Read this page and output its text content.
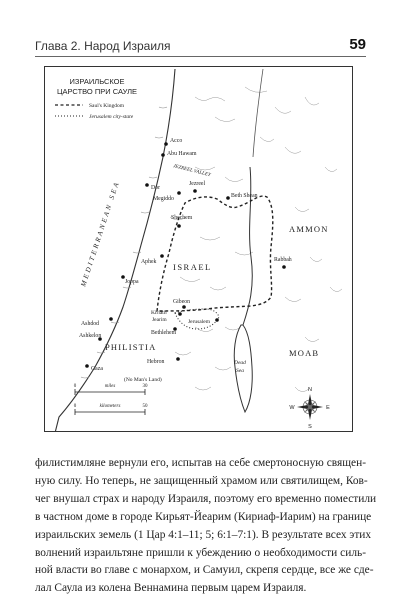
Глава 2. Народ Израиля	59
ИЗРАИЛЬСКОЕ
ЦАРСТВО ПРИ САУЛЕ
Saul's Kingdom
Jerusalem city-state
MEDITERRANEAN SEA	ISRAEL
AMMON
PHILISTIA
MOAB
Dead
Sea
JEZREEL VALLEY
(No Man's Land)
Acco
Abu Hawam
Dor
Megiddo
Jezreel
Beth Shean
Shechem
Aphek
Joppa
Rabbah
Gibeon
Kiriath
Jearim	Jerusalem
Bethlehem
Ashdod
Ashkelon
Gaza
Hebron
0	miles	30
0	kilometers	50
N
S
E
W
филистимляне вернули его, испытав на себе смертоносную священ-
ную силу. Но теперь, не защищенный храмом или святилищем, Ков-
чег внушал страх и народу Израиля, поэтому его временно поместили
в частном доме в городе Кирьят-Йеарим (Кириаф-Иарим) на границе
израильских земель (1 Цар 4:1–11; 5; 6:1–7:1). В результате всех этих
волнений израильтяне пришли к убеждению о необходимости силь-
ной власти во главе с монархом, и Самуил, скрепя сердце, все же сде-
лал Саула из колена Веннамина первым царем Израиля.
